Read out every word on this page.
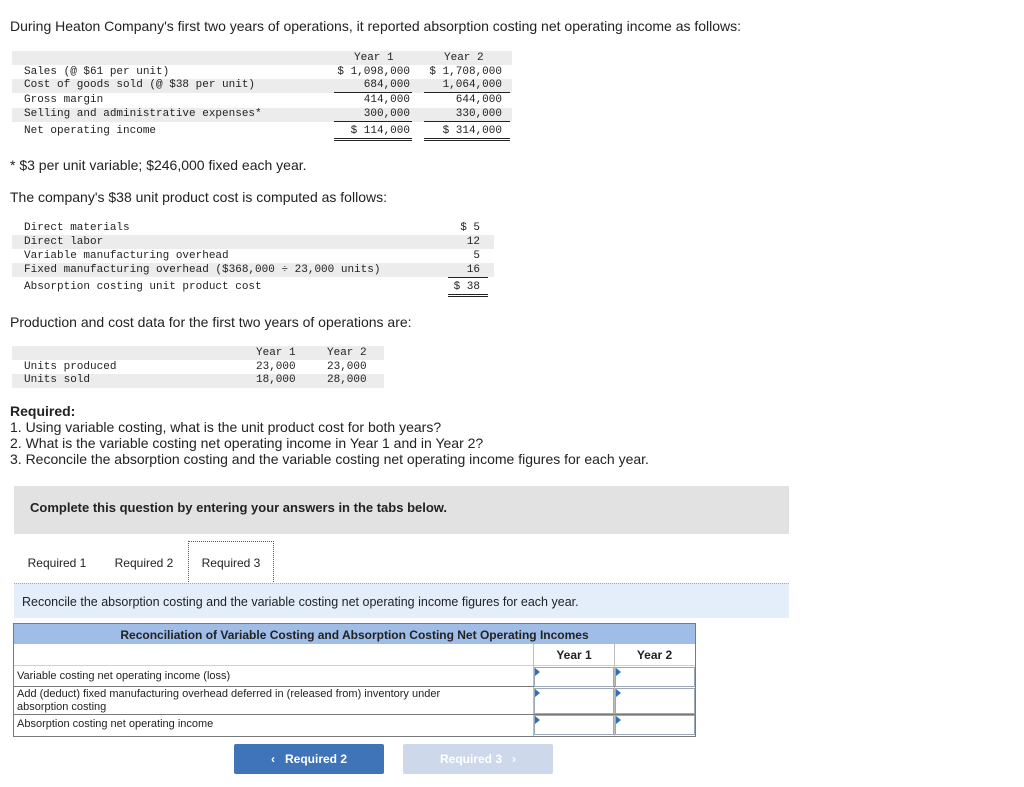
During Heaton Company's first two years of operations, it reported absorption costing net operating income as follows:
Year 1	Year 2
Sales (@ $61 per unit)	$ 1,098,000 $ 1,708,000
Cost of goods sold (@ $38 per unit)	684,000	1,064,000
Gross margin	414,000	644,000
Selling and administrative expenses*	300,000	330,000
Net operating income	$ 114,000	$ 314,000
* $3 per unit variable; $246,000 fixed each year.
The company's $38 unit product cost is computed as follows:
Direct materials	$ 5
Direct labor	12
Variable manufacturing overhead	5
Fixed manufacturing overhead ($368,000 ÷ 23,000 units)	16
Absorption costing unit product cost	$ 38
Production and cost data for the first two years of operations are:
Year 1	Year 2
Units produced	23,000	23,000
Units sold	18,000	28,000
Required:
1. Using variable costing, what is the unit product cost for both years?
2. What is the variable costing net operating income in Year 1 and in Year 2?
3. Reconcile the absorption costing and the variable costing net operating income figures for each year.
Complete this question by entering your answers in the tabs below.
Required 1	Required 2	Required 3
Reconcile the absorption costing and the variable costing net operating income figures for each year.
Reconciliation of Variable Costing and Absorption Costing Net Operating Incomes
Year 1	Year 2
Variable costing net operating income (loss)
Add (deduct) fixed manufacturing overhead deferred in (released from) inventory under
absorption costing
Absorption costing net operating income
‹ Required 2	Required 3 ›
